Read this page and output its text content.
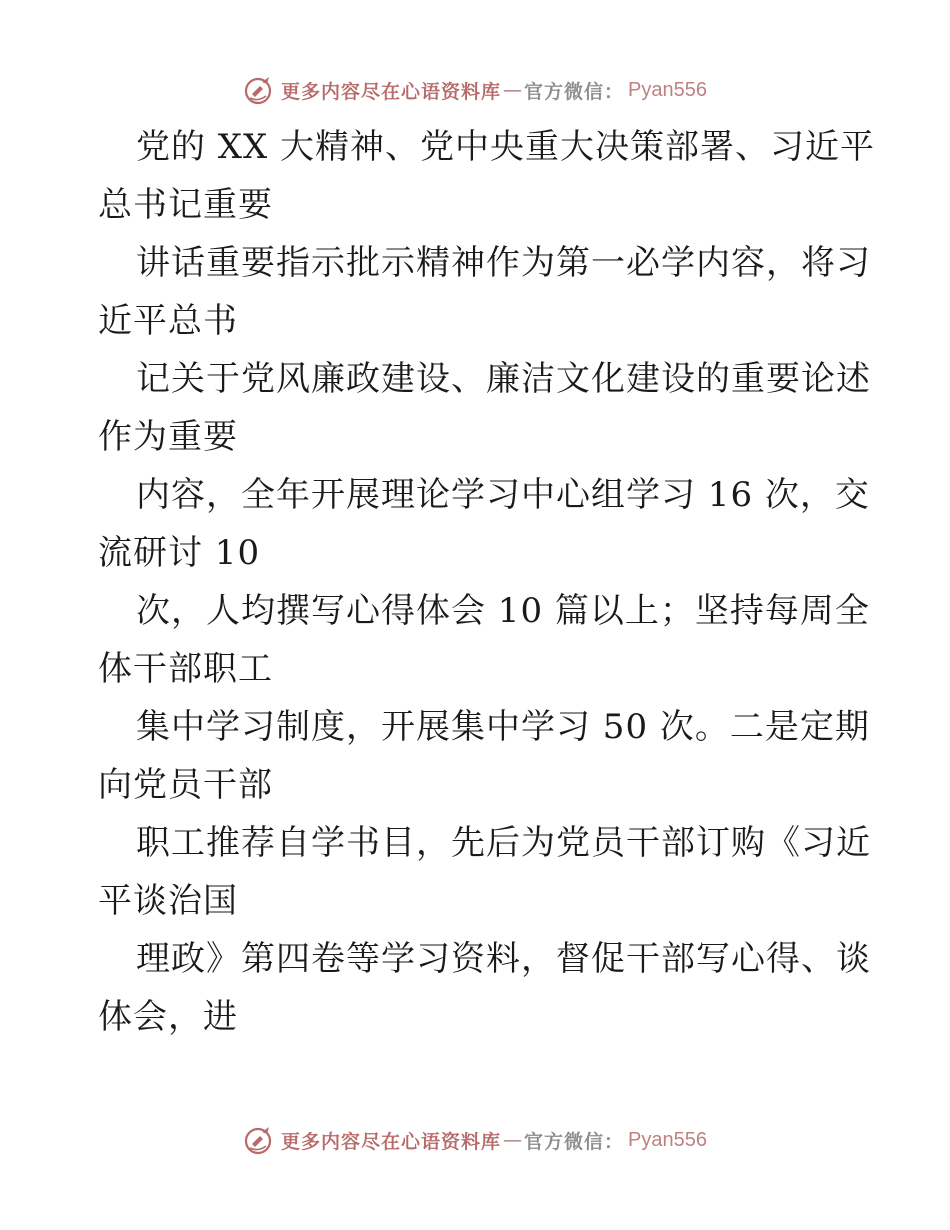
更多内容尽在心语资料库 — 官方微信： Pyan556
党的 XX 大精神、党中央重大决策部署、习近平
总书记重要
讲话重要指示批示精神作为第一必学内容，将习
近平总书
记关于党风廉政建设、廉洁文化建设的重要论述
作为重要
内容，全年开展理论学习中心组学习 16 次，交
流研讨 10
次，人均撰写心得体会 10 篇以上；坚持每周全
体干部职工
集中学习制度，开展集中学习 50 次。二是定期
向党员干部
职工推荐自学书目，先后为党员干部订购《习近
平谈治国
理政》第四卷等学习资料，督促干部写心得、谈
体会，进
更多内容尽在心语资料库 — 官方微信： Pyan556
